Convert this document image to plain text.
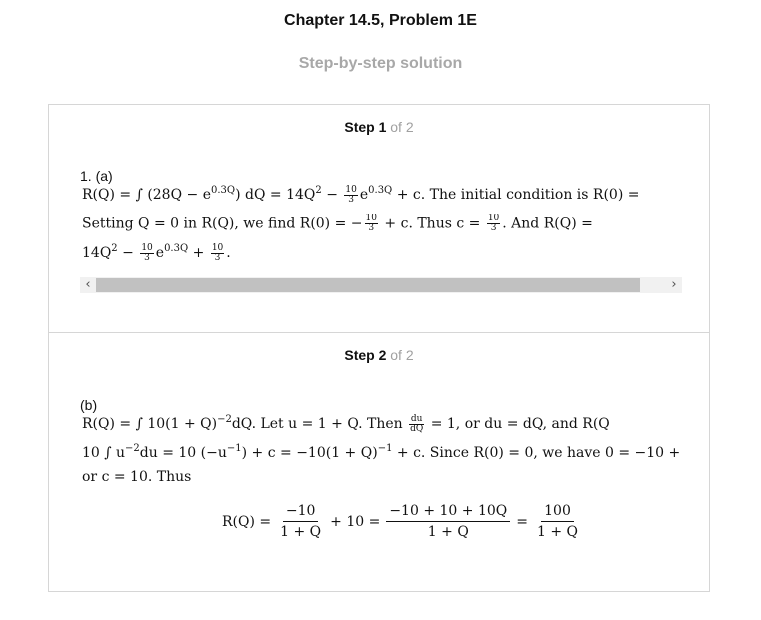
Chapter 14.5, Problem 1E
Step-by-step solution
Step 1 of 2
1. (a)
R(Q) = ∫ $(28Q - e^{0.3Q})$ dQ = $14Q^2 - \frac{10}{3} e^{0.3Q} + c$. The initial condition is R(0) =
Setting Q = 0 in R(Q), we find R(0) = − $\frac{10}{3} + c$. Thus $c = \frac{10}{3}$ . And R(Q) =
$14Q^2 - \frac{10}{3} e^{0.3Q} + \frac{10}{3}$ .
‹	›
Step 2 of 2
(b)
R(Q) = ∫ $10(1 + Q)^{-2}dQ$. Let u = 1 + Q. Then $\frac{du}{dQ} = 1$, or du = dQ, and R(Q
10 ∫ $u^{-2}du = 10$ $(-u^{-1}) + c = -10(1 + Q)^{-1} + c$. Since R(0) = 0, we have 0 = −10 +
or c = 10. Thus
$R(Q) = \frac{-10}{1 + Q} + 10 = \frac{-10 + 10 + 10Q}{1 + Q} = \frac{100}{1 + Q}$
